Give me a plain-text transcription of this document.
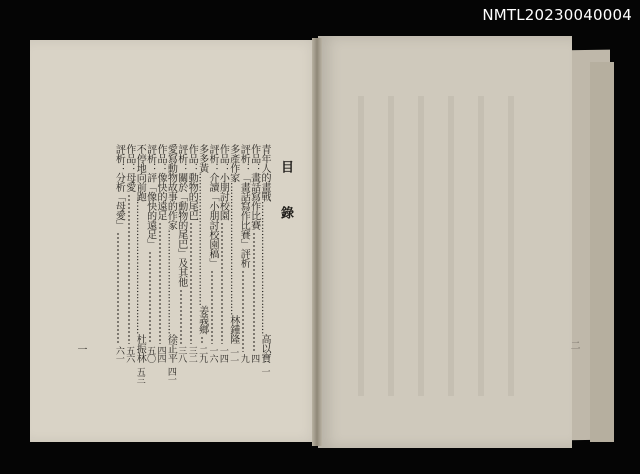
NMTL20230040004
目　錄
青年人的畫戰……………………………………高以寶
一
作品：畫話寫作比賽
四
評析：「畫話寫作比賽」評析
九
多產作家……………………………………林鍾隆
一一
作品：小朋討校園
一四
評析：介讀「小朋討校園稿」
一六
多多黃……………………………………姜義鄉
二九
作品：動物的尾巴
三二
評析：關於「動物的尾巴」及其他
三八
愛寫動物故事的作家……………………………徐正平
四一
作品：像快的遠足
四四
評析：評「像快的遠足」
五〇
不停地向前跑……………………………………杜振林
五三
作品：母愛
五六
評析：分析「母愛」
六一
一	二
